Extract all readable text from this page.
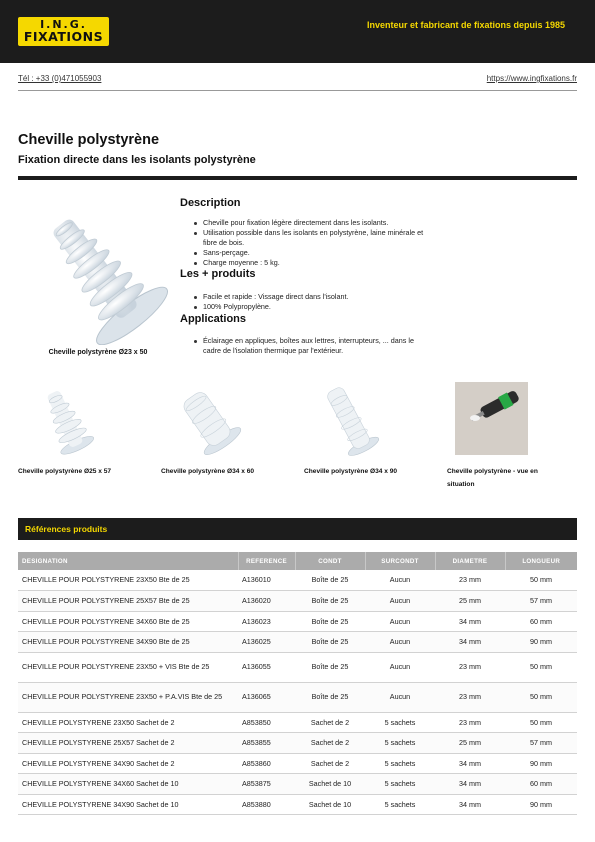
I.N.G.
FIXATIONS
Inventeur et fabricant de fixations depuis 1985
Tél : +33 (0)471055903	https://www.ingfixations.fr
Cheville polystyrène
Fixation directe dans les isolants polystyrène
Cheville polystyrène Ø23 x 50
Description
Cheville pour fixation légère directement dans les isolants.
Utilisation possible dans les isolants en polystyrène, laine minérale et fibre de bois.
Sans-perçage.
Charge moyenne : 5 kg.
Les + produits
Facile et rapide : Vissage direct dans l'isolant.
100% Polypropylène.
Applications
Éclairage en appliques, boîtes aux lettres, interrupteurs, ... dans le cadre de l'isolation thermique par l'extérieur.
Cheville polystyrène Ø25 x 57	Cheville polystyrène Ø34 x 60	Cheville polystyrène Ø34 x 90	Cheville polystyrène - vue en situation
Références produits
DESIGNATION	REFERENCE	CONDT	SURCONDT	DIAMETRE	LONGUEUR
CHEVILLE POUR POLYSTYRENE 23X50 Bte de 25	A136010	Boîte de 25	Aucun	23 mm	50 mm
CHEVILLE POUR POLYSTYRENE 25X57 Bte de 25	A136020	Boîte de 25	Aucun	25 mm	57 mm
CHEVILLE POUR POLYSTYRENE 34X60 Bte de 25	A136023	Boîte de 25	Aucun	34 mm	60 mm
CHEVILLE POUR POLYSTYRENE 34X90 Bte de 25	A136025	Boîte de 25	Aucun	34 mm	90 mm
CHEVILLE POUR POLYSTYRENE 23X50 + VIS Bte de 25	A136055	Boîte de 25	Aucun	23 mm	50 mm
CHEVILLE POUR POLYSTYRENE 23X50 + P.A.VIS Bte de 25	A136065	Boîte de 25	Aucun	23 mm	50 mm
CHEVILLE POLYSTYRENE 23X50 Sachet de 2	A853850	Sachet de 2	5 sachets	23 mm	50 mm
CHEVILLE POLYSTYRENE 25X57 Sachet de 2	A853855	Sachet de 2	5 sachets	25 mm	57 mm
CHEVILLE POLYSTYRENE 34X90 Sachet de 2	A853860	Sachet de 2	5 sachets	34 mm	90 mm
CHEVILLE POLYSTYRENE 34X60 Sachet de 10	A853875	Sachet de 10	5 sachets	34 mm	60 mm
CHEVILLE POLYSTYRENE 34X90 Sachet de 10	A853880	Sachet de 10	5 sachets	34 mm	90 mm
